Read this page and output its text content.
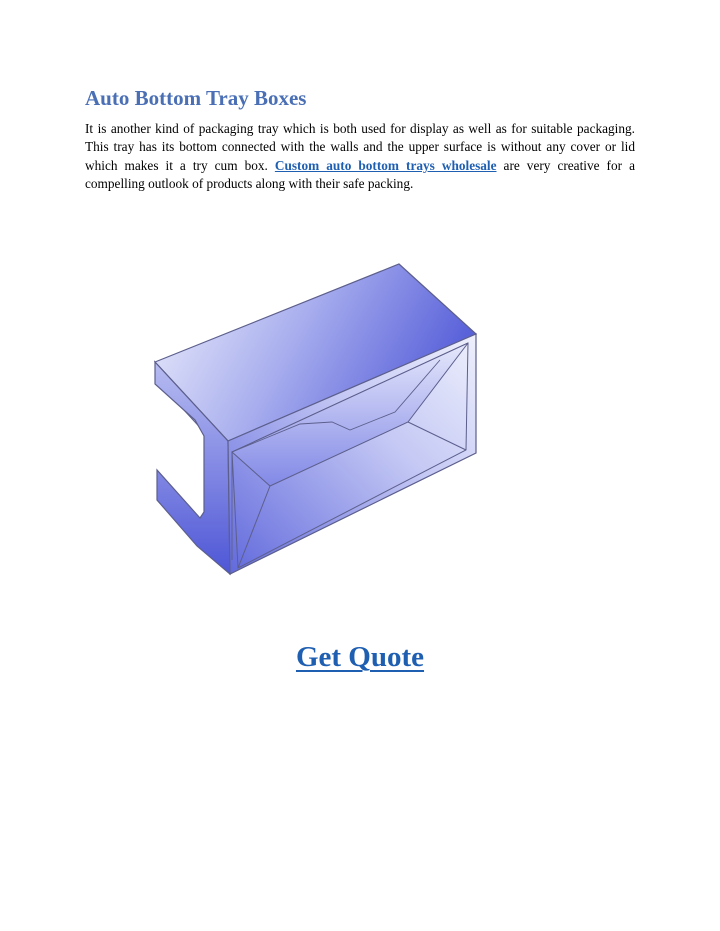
Auto Bottom Tray Boxes

It is another kind of packaging tray which is both used for display as well as for suitable packaging. This tray has its bottom connected with the walls and the upper surface is without any cover or lid which makes it a try cum box. Custom auto bottom trays wholesale are very creative for a compelling outlook of products along with their safe packing.

Get Quote
